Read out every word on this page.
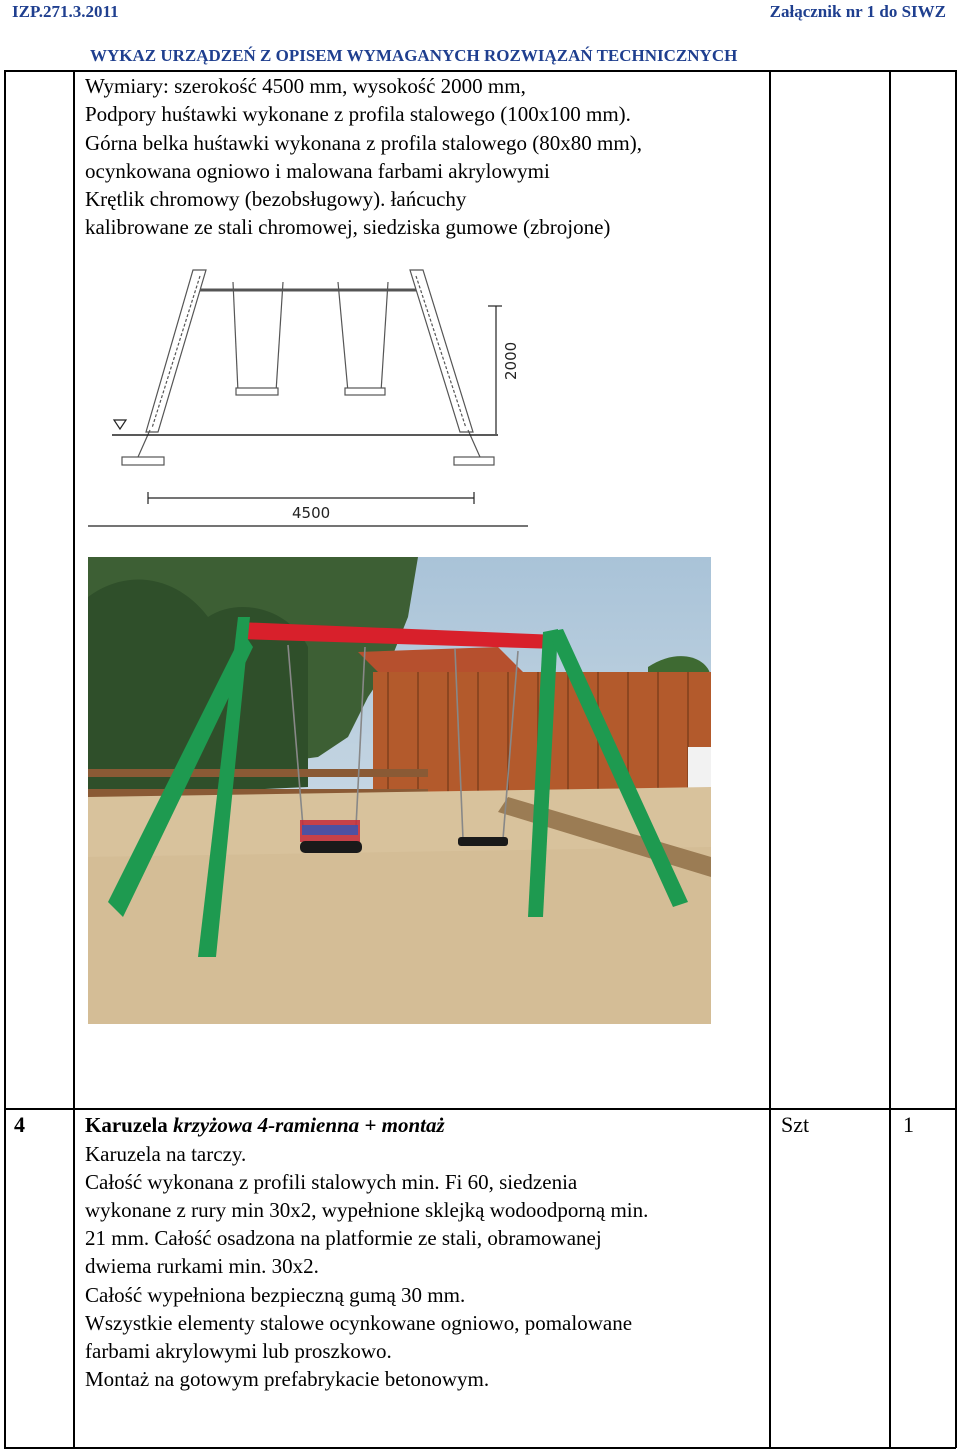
IZP.271.3.2011	Załącznik nr 1 do SIWZ
WYKAZ URZĄDZEŃ Z OPISEM WYMAGANYCH ROZWIĄZAŃ TECHNICZNYCH
Wymiary: szerokość 4500 mm, wysokość 2000 mm,
Podpory huśtawki wykonane z profila stalowego (100x100 mm).
Górna belka huśtawki wykonana z profila stalowego (80x80 mm),
ocynkowana ogniowo i malowana farbami akrylowymi
Krętlik chromowy (bezobsługowy). łańcuchy
kalibrowane ze stali chromowej, siedziska gumowe (zbrojone)
2000
4500
4	Karuzela krzyżowa 4-ramienna + montaż	Szt	1
Karuzela na tarczy.
Całość wykonana z profili stalowych min. Fi 60, siedzenia
wykonane z rury min 30x2, wypełnione sklejką wodoodporną min.
21 mm. Całość osadzona na platformie ze stali, obramowanej
dwiema rurkami min. 30x2.
Całość wypełniona bezpieczną gumą 30 mm.
Wszystkie elementy stalowe ocynkowane ogniowo, pomalowane
farbami akrylowymi lub proszkowo.
Montaż na gotowym prefabrykacie betonowym.
